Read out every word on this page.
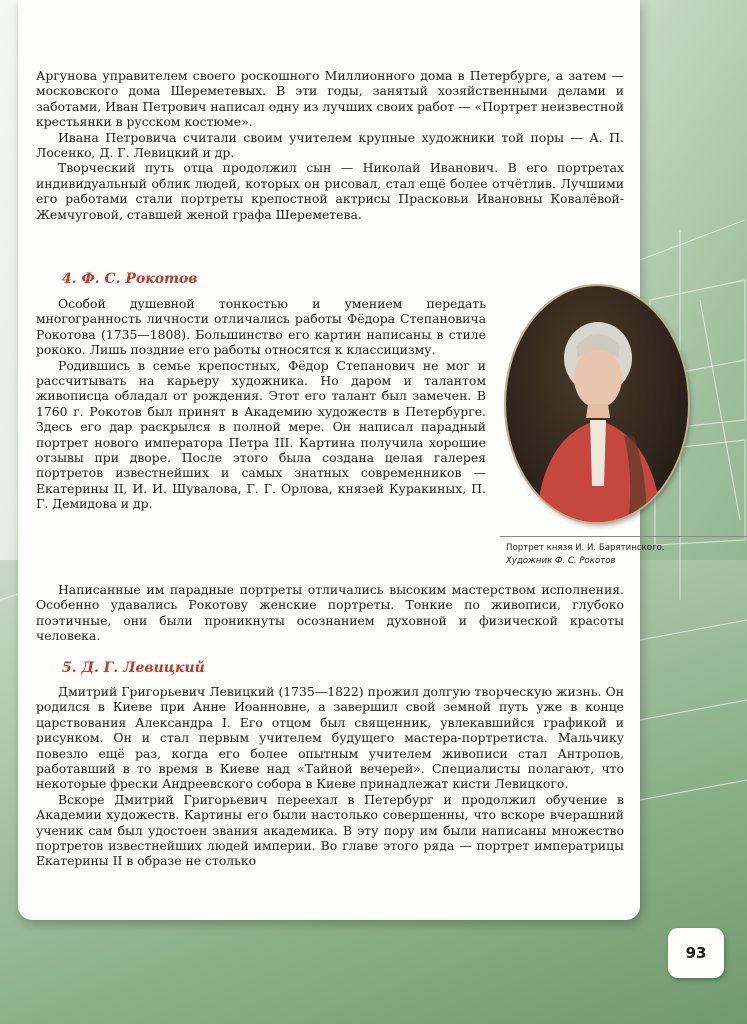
Аргунова управителем своего роскошного Миллионного дома в Петербурге, а затем — московского дома Шереметевых. В эти годы, занятый хозяйственными делами и заботами, Иван Петрович написал одну из лучших своих работ — «Портрет неизвестной крестьянки в русском костюме».

Ивана Петровича считали своим учителем крупные художники той поры — А. П. Лосенко, Д. Г. Левицкий и др.

Творческий путь отца продолжил сын — Николай Иванович. В его портретах индивидуальный облик людей, которых он рисовал, стал ещё более отчётлив. Лучшими его работами стали портреты крепостной актрисы Прасковьи Ивановны Ковалёвой-Жемчуговой, ставшей женой графа Шереметева.

4. Ф. С. Рокотов

Особой душевной тонкостью и умением передать многогранность личности отличались работы Фёдора Степановича Рокотова (1735—1808). Большинство его картин написаны в стиле рококо. Лишь поздние его работы относятся к классицизму.

Родившись в семье крепостных, Фёдор Степанович не мог и рассчитывать на карьеру художника. Но даром и талантом живописца обладал от рождения. Этот его талант был замечен. В 1760 г. Рокотов был принят в Академию художеств в Петербурге. Здесь его дар раскрылся в полной мере. Он написал парадный портрет нового императора Петра III. Картина получила хорошие отзывы при дворе. После этого была создана целая галерея портретов известнейших и самых знатных современников — Екатерины II, И. И. Шувалова, Г. Г. Орлова, князей Куракиных, П. Г. Демидова и др.

Написанные им парадные портреты отличались высоким мастерством исполнения. Особенно удавались Рокотову женские портреты. Тонкие по живописи, глубоко поэтичные, они были проникнуты осознанием духовной и физической красоты человека.

Портрет князя И. И. Барятинского.
Художник Ф. С. Рокотов
5. Д. Г. Левицкий

Дмитрий Григорьевич Левицкий (1735—1822) прожил долгую творческую жизнь. Он родился в Киеве при Анне Иоанновне, а завершил свой земной путь уже в конце царствования Александра I. Его отцом был священник, увлекавшийся графикой и рисунком. Он и стал первым учителем будущего мастера-портретиста. Мальчику повезло ещё раз, когда его более опытным учителем живописи стал Антропов, работавший в то время в Киеве над «Тайной вечерей». Специалисты полагают, что некоторые фрески Андреевского собора в Киеве принадлежат кисти Левицкого.

Вскоре Дмитрий Григорьевич переехал в Петербург и продолжил обучение в Академии художеств. Картины его были настолько совершенны, что вскоре вчерашний ученик сам был удостоен звания академика. В эту пору им были написаны множество портретов известнейших людей империи. Во главе этого ряда — портрет императрицы Екатерины II в образе не столько

93
